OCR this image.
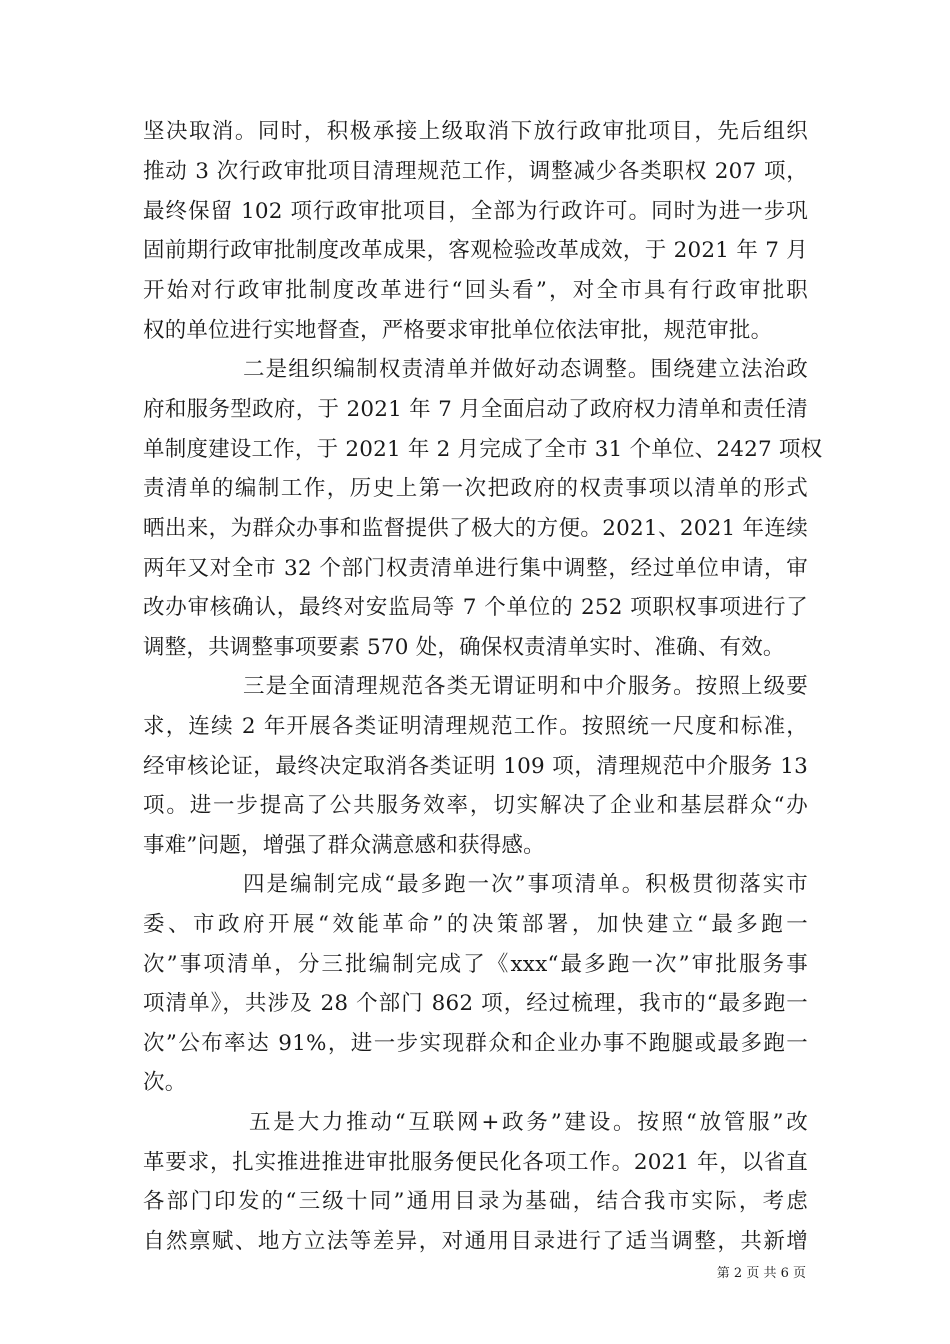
坚决取消。同时，积极承接上级取消下放行政审批项目，先后组织
推动 3 次行政审批项目清理规范工作，调整减少各类职权 207 项，
最终保留 102 项行政审批项目，全部为行政许可。同时为进一步巩
固前期行政审批制度改革成果，客观检验改革成效，于 2021 年 7 月
开始对行政审批制度改革进行“回头看”，对全市具有行政审批职
权的单位进行实地督查，严格要求审批单位依法审批，规范审批。
二是组织编制权责清单并做好动态调整。围绕建立法治政
府和服务型政府，于 2021 年 7 月全面启动了政府权力清单和责任清
单制度建设工作，于 2021 年 2 月完成了全市 31 个单位、2427 项权
责清单的编制工作，历史上第一次把政府的权责事项以清单的形式
晒出来，为群众办事和监督提供了极大的方便。2021、2021 年连续
两年又对全市 32 个部门权责清单进行集中调整，经过单位申请，审
改办审核确认，最终对安监局等 7 个单位的 252 项职权事项进行了
调整，共调整事项要素 570 处，确保权责清单实时、准确、有效。
三是全面清理规范各类无谓证明和中介服务。按照上级要
求，连续 2 年开展各类证明清理规范工作。按照统一尺度和标准，
经审核论证，最终决定取消各类证明 109 项，清理规范中介服务 13
项。进一步提高了公共服务效率，切实解决了企业和基层群众“办
事难”问题，增强了群众满意感和获得感。
四是编制完成“最多跑一次”事项清单。积极贯彻落实市
委、市政府开展“效能革命”的决策部署，加快建立“最多跑一
次”事项清单，分三批编制完成了《xxx“最多跑一次”审批服务事
项清单》，共涉及 28 个部门 862 项，经过梳理，我市的“最多跑一
次”公布率达 91%，进一步实现群众和企业办事不跑腿或最多跑一
次。
五是大力推动“互联网+政务”建设。按照“放管服”改
革要求，扎实推进推进审批服务便民化各项工作。2021 年，以省直
各部门印发的“三级十同”通用目录为基础，结合我市实际，考虑
自然禀赋、地方立法等差异，对通用目录进行了适当调整，共新增
第 2 页 共 6 页
